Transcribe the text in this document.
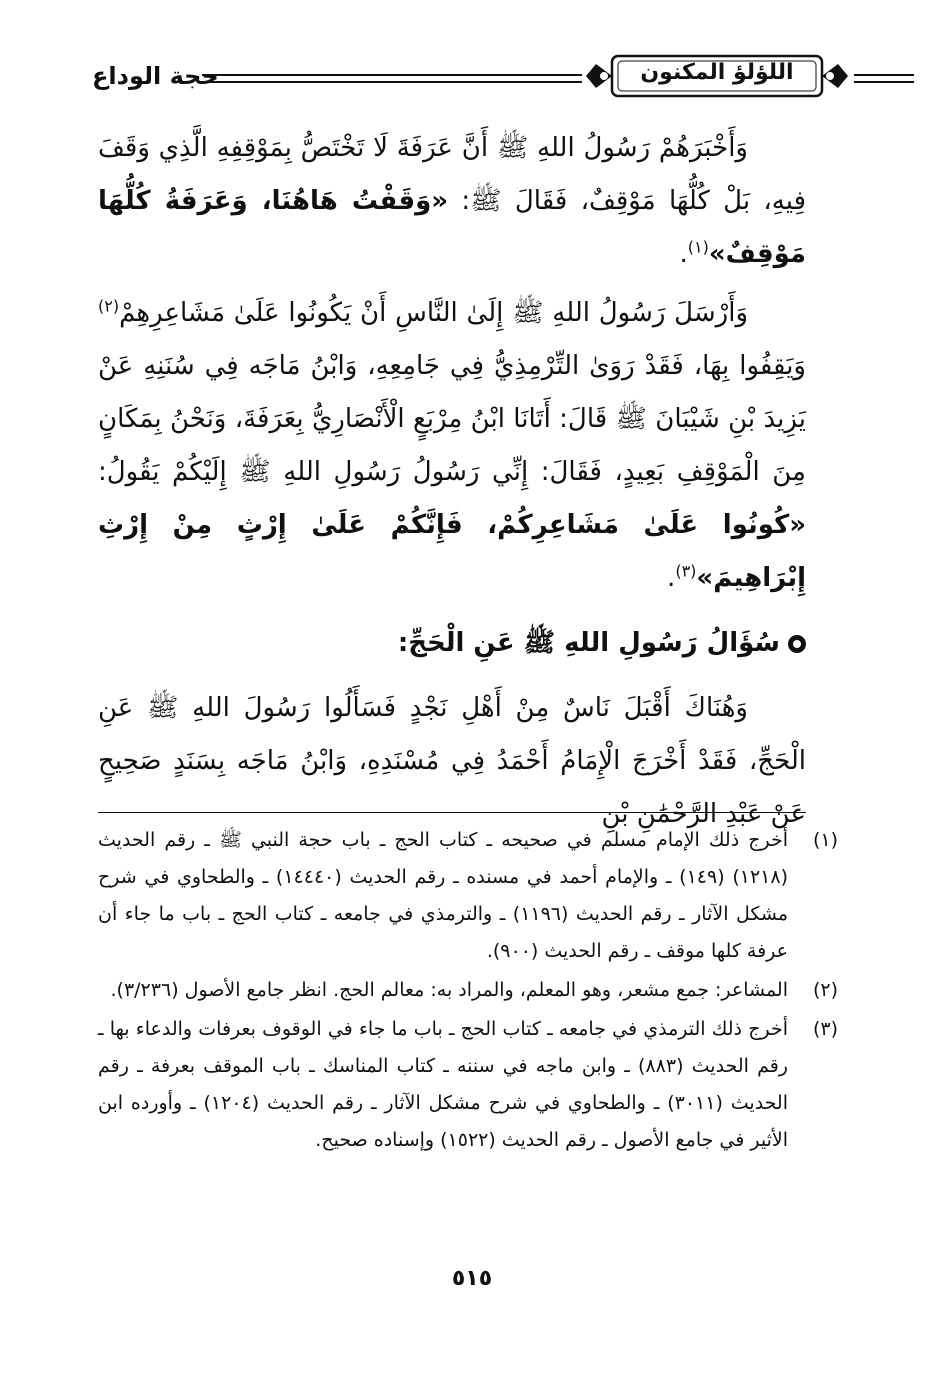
حجة الوداع	اللؤلؤ المكنون

وَأَخْبَرَهُمْ رَسُولُ اللهِ ﷺ أَنَّ عَرَفَةَ لَا تَخْتَصُّ بِمَوْقِفِهِ الَّذِي وَقَفَ فِيهِ، بَلْ كُلُّهَا مَوْقِفٌ، فَقَالَ ﷺ: «وَقَفْتُ هَاهُنَا، وَعَرَفَةُ كُلُّهَا مَوْقِفٌ»$^{(١)}$.

وَأَرْسَلَ رَسُولُ اللهِ ﷺ إِلَىٰ النَّاسِ أَنْ يَكُونُوا عَلَىٰ مَشَاعِرِهِمْ$^{(٢)}$ وَيَقِفُوا بِهَا، فَقَدْ رَوَىٰ التِّرْمِذِيُّ فِي جَامِعِهِ، وَابْنُ مَاجَه فِي سُنَنِهِ عَنْ يَزِيدَ بْنِ شَيْبَانَ ﷺ قَالَ: أَتَانَا ابْنُ مِرْبَعٍ الْأَنْصَارِيُّ بِعَرَفَةَ، وَنَحْنُ بِمَكَانٍ مِنَ الْمَوْقِفِ بَعِيدٍ، فَقَالَ: إِنِّي رَسُولُ رَسُولِ اللهِ ﷺ إِلَيْكُمْ يَقُولُ: «كُونُوا عَلَىٰ مَشَاعِرِكُمْ، فَإِنَّكُمْ عَلَىٰ إِرْثٍ مِنْ إِرْثِ إِبْرَاهِيمَ»$^{(٣)}$.

سُؤَالُ رَسُولِ اللهِ ﷺ عَنِ الْحَجِّ:

وَهُنَاكَ أَقْبَلَ نَاسٌ مِنْ أَهْلِ نَجْدٍ فَسَأَلُوا رَسُولَ اللهِ ﷺ عَنِ الْحَجِّ، فَقَدْ أَخْرَجَ الْإِمَامُ أَحْمَدُ فِي مُسْنَدِهِ، وَابْنُ مَاجَه بِسَنَدٍ صَحِيحٍ عَنْ عَبْدِ الرَّحْمَٰنِ بْنِ

(١)
أخرج ذلك الإمام مسلم في صحيحه ـ كتاب الحج ـ باب حجة النبي ﷺ ـ رقم الحديث (١٢١٨) (١٤٩) ـ والإمام أحمد في مسنده ـ رقم الحديث (١٤٤٤٠) ـ والطحاوي في شرح مشكل الآثار ـ رقم الحديث (١١٩٦) ـ والترمذي في جامعه ـ كتاب الحج ـ باب ما جاء أن عرفة كلها موقف ـ رقم الحديث (٩٠٠).
(٢)
المشاعر: جمع مشعر، وهو المعلم، والمراد به: معالم الحج. انظر جامع الأصول (٣/٢٣٦).
(٣)
أخرج ذلك الترمذي في جامعه ـ كتاب الحج ـ باب ما جاء في الوقوف بعرفات والدعاء بها ـ رقم الحديث (٨٨٣) ـ وابن ماجه في سننه ـ كتاب المناسك ـ باب الموقف بعرفة ـ رقم الحديث (٣٠١١) ـ والطحاوي في شرح مشكل الآثار ـ رقم الحديث (١٢٠٤) ـ وأورده ابن الأثير في جامع الأصول ـ رقم الحديث (١٥٢٢) وإسناده صحيح.
٥١٥
